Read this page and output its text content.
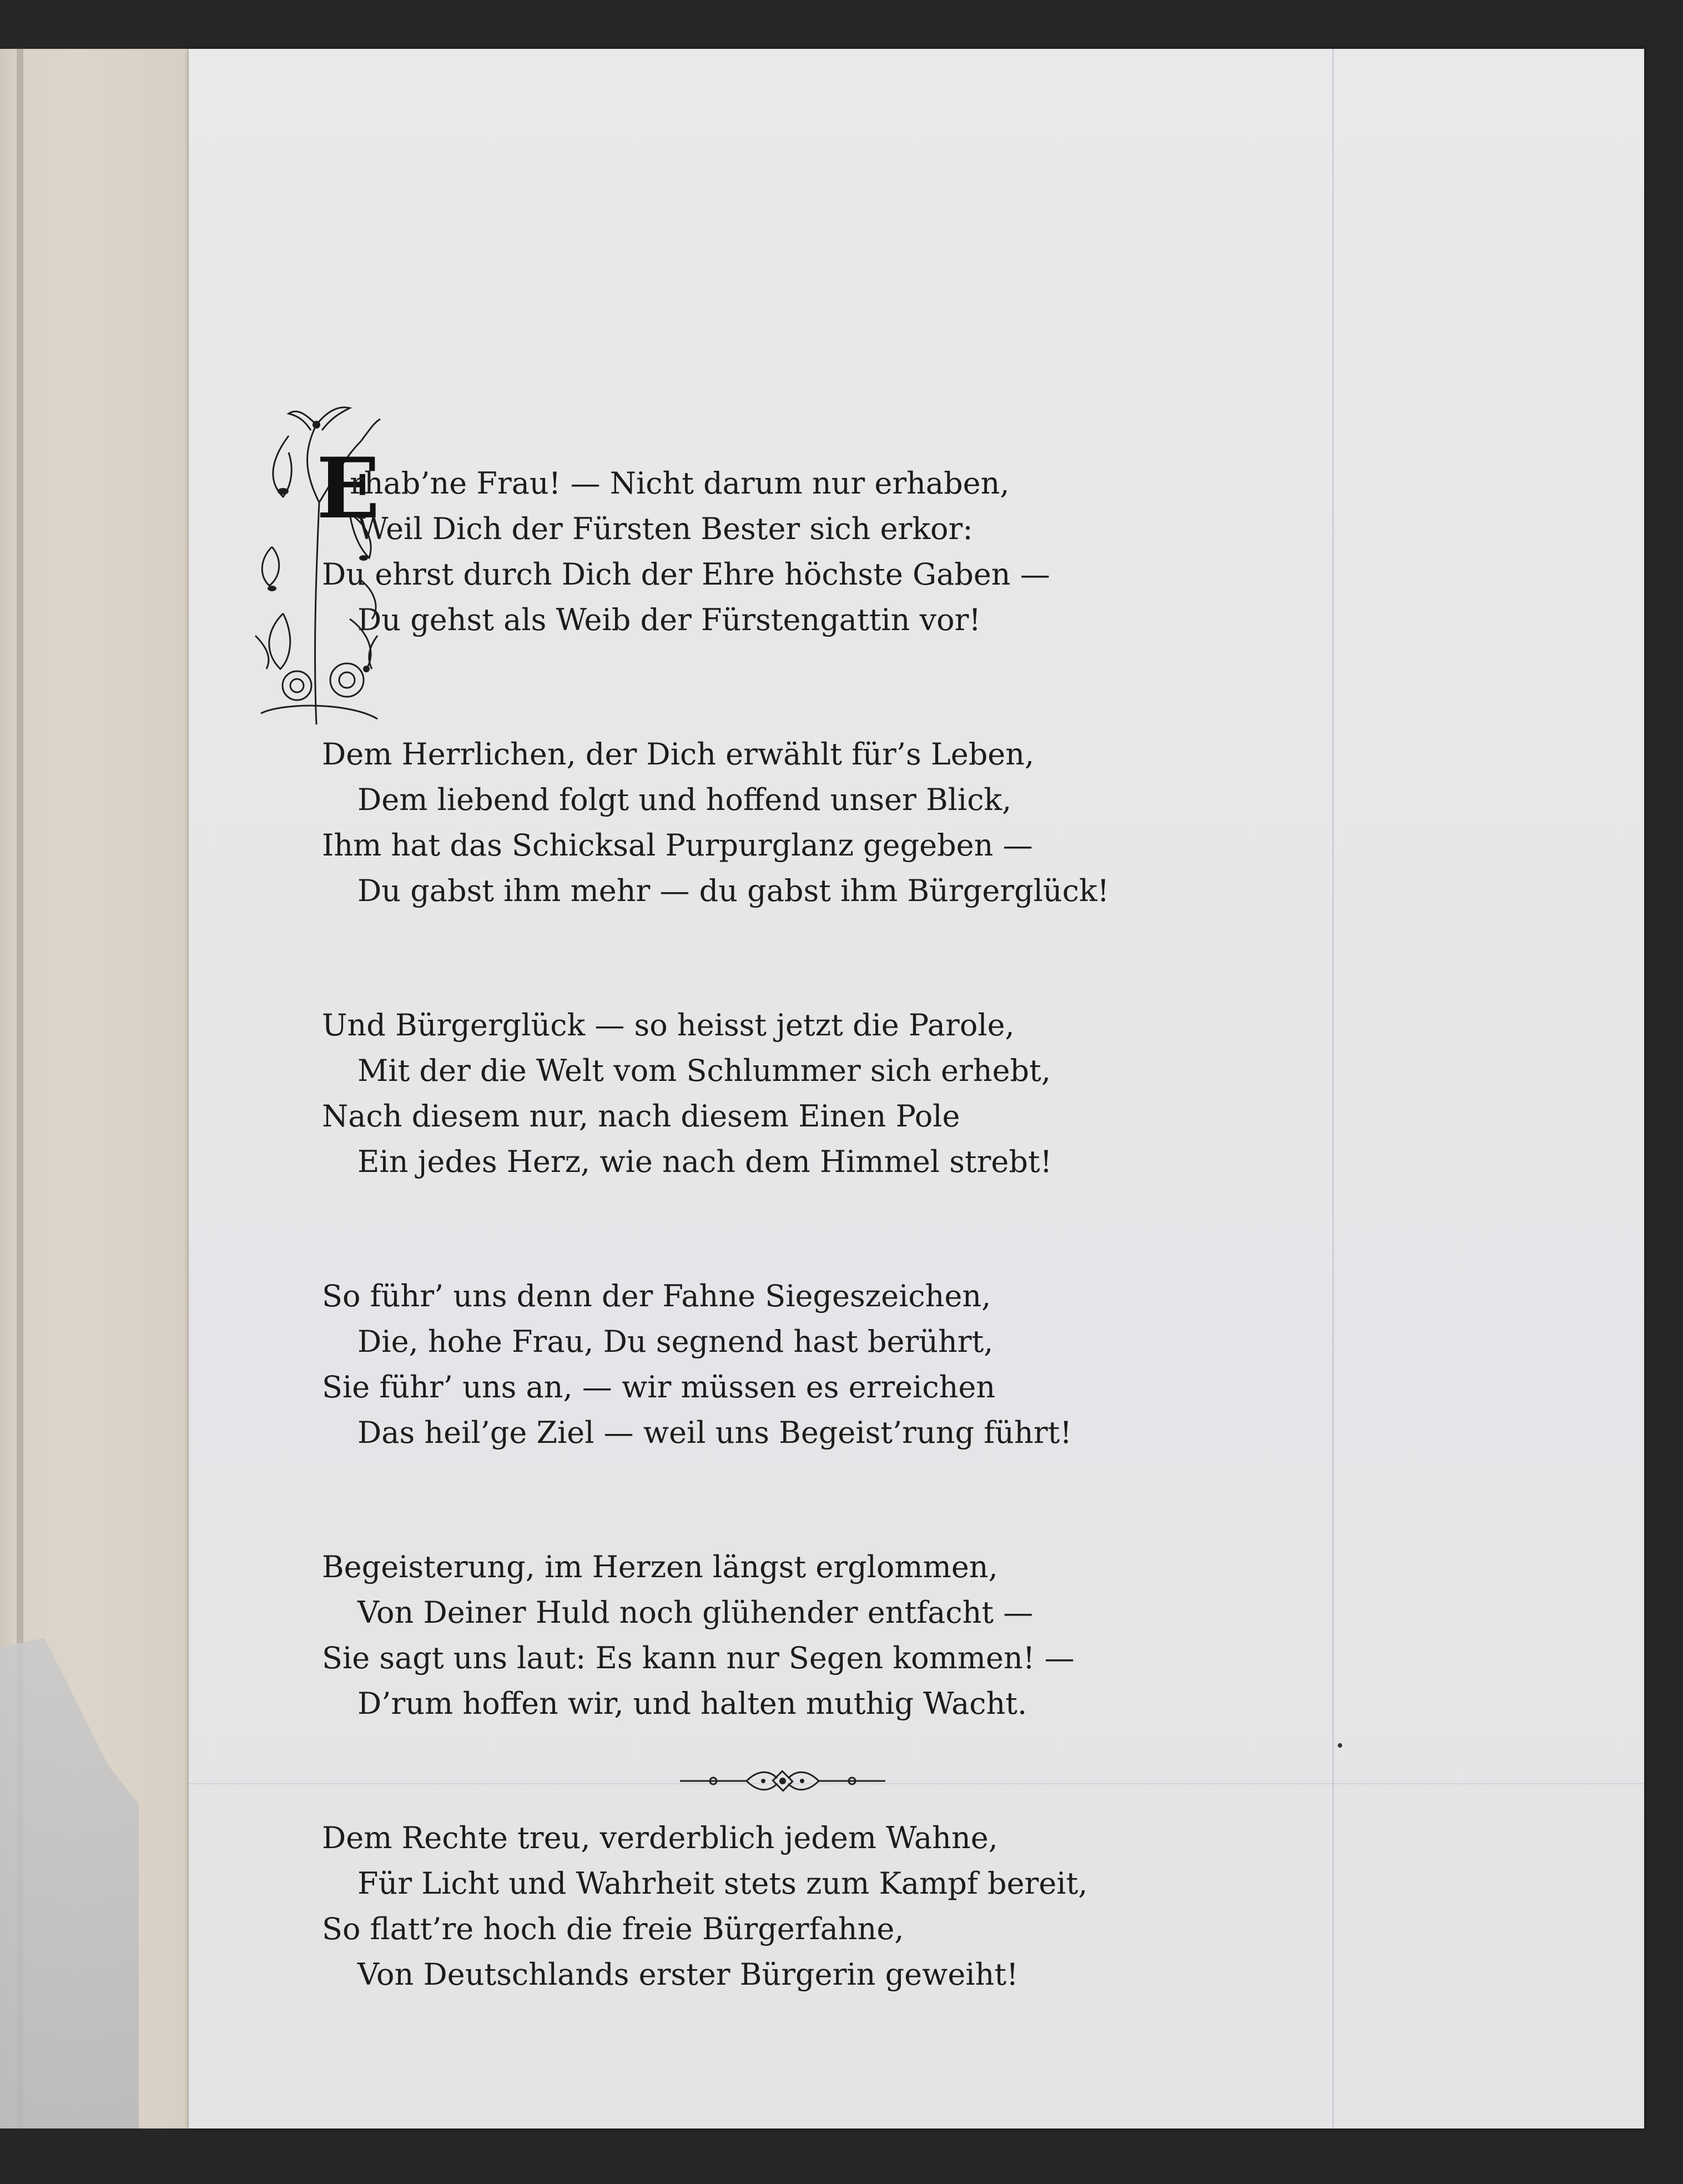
E
rhab’ne Frau! — Nicht darum nur erhaben,
Weil Dich der Fürsten Bester sich erkor:
Du ehrst durch Dich der Ehre höchste Gaben —
Du gehst als Weib der Fürstengattin vor!
Dem Herrlichen, der Dich erwählt für’s Leben,
Dem liebend folgt und hoffend unser Blick,
Ihm hat das Schicksal Purpurglanz gegeben —
Du gabst ihm mehr — du gabst ihm Bürgerglück!
Und Bürgerglück — so heisst jetzt die Parole,
Mit der die Welt vom Schlummer sich erhebt,
Nach diesem nur, nach diesem Einen Pole
Ein jedes Herz, wie nach dem Himmel strebt!
So führ’ uns denn der Fahne Siegeszeichen,
Die, hohe Frau, Du segnend hast berührt,
Sie führ’ uns an, — wir müssen es erreichen
Das heil’ge Ziel — weil uns Begeist’rung führt!
Begeisterung, im Herzen längst erglommen,
Von Deiner Huld noch glühender entfacht —
Sie sagt uns laut: Es kann nur Segen kommen! —
D’rum hoffen wir, und halten muthig Wacht.
Dem Rechte treu, verderblich jedem Wahne,
Für Licht und Wahrheit stets zum Kampf bereit,
So flatt’re hoch die freie Bürgerfahne,
Von Deutschlands erster Bürgerin geweiht!
